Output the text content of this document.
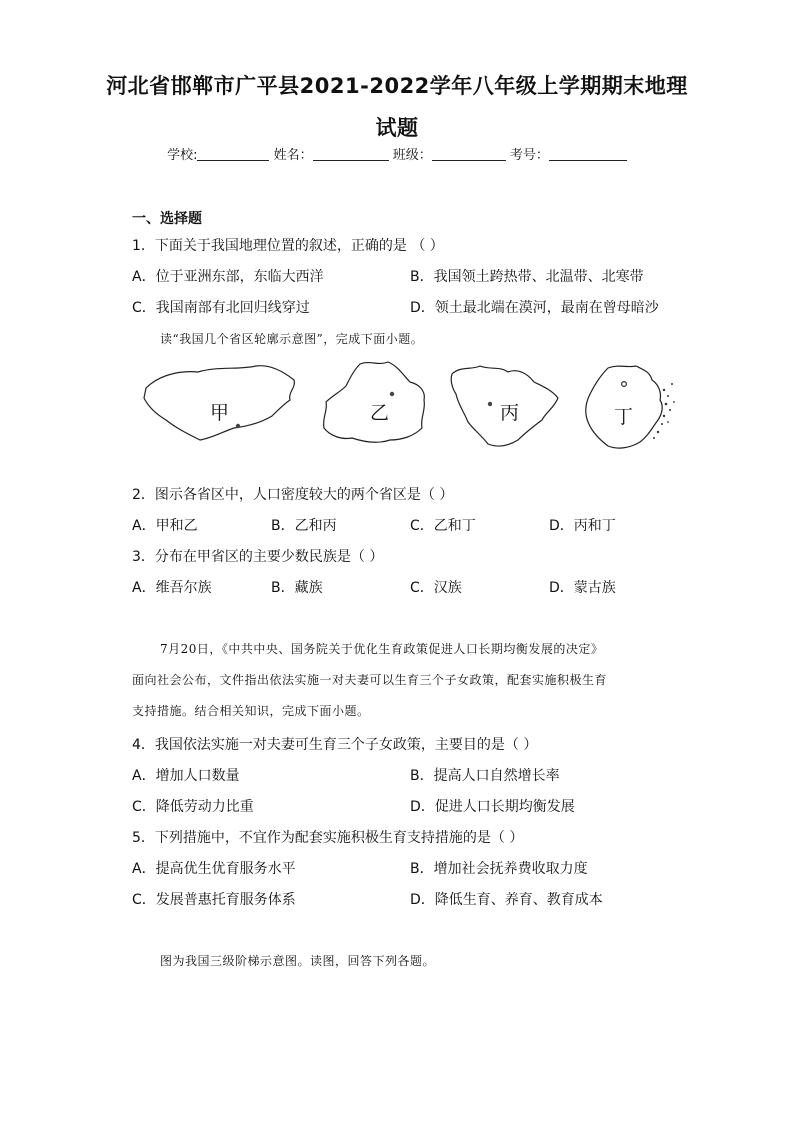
河北省邯郸市广平县2021-2022学年八年级上学期期末地理
试题
学校:	姓名：	班级：	考号：
一、选择题
1．下面关于我国地理位置的叙述，正确的是 （ ）
A．位于亚洲东部，东临大西洋	B．我国领土跨热带、北温带、北寒带
C．我国南部有北回归线穿过	D．领土最北端在漠河，最南在曾母暗沙
读“我国几个省区轮廓示意图”，完成下面小题。
甲	乙	丙	丁
2．图示各省区中，人口密度较大的两个省区是（ ）
A．甲和乙	B．乙和丙	C．乙和丁	D．丙和丁
3．分布在甲省区的主要少数民族是（ ）
A．维吾尔族	B．藏族	C．汉族	D．蒙古族
7月20日，《中共中央、国务院关于优化生育政策促进人口长期均衡发展的决定》
面向社会公布，文件指出依法实施一对夫妻可以生育三个子女政策，配套实施积极生育
支持措施。结合相关知识，完成下面小题。
4．我国依法实施一对夫妻可生育三个子女政策，主要目的是（ ）
A．增加人口数量	B．提高人口自然增长率
C．降低劳动力比重	D．促进人口长期均衡发展
5．下列措施中，不宜作为配套实施积极生育支持措施的是（ ）
A．提高优生优育服务水平	B．增加社会抚养费收取力度
C．发展普惠托育服务体系	D．降低生育、养育、教育成本
图为我国三级阶梯示意图。读图，回答下列各题。
